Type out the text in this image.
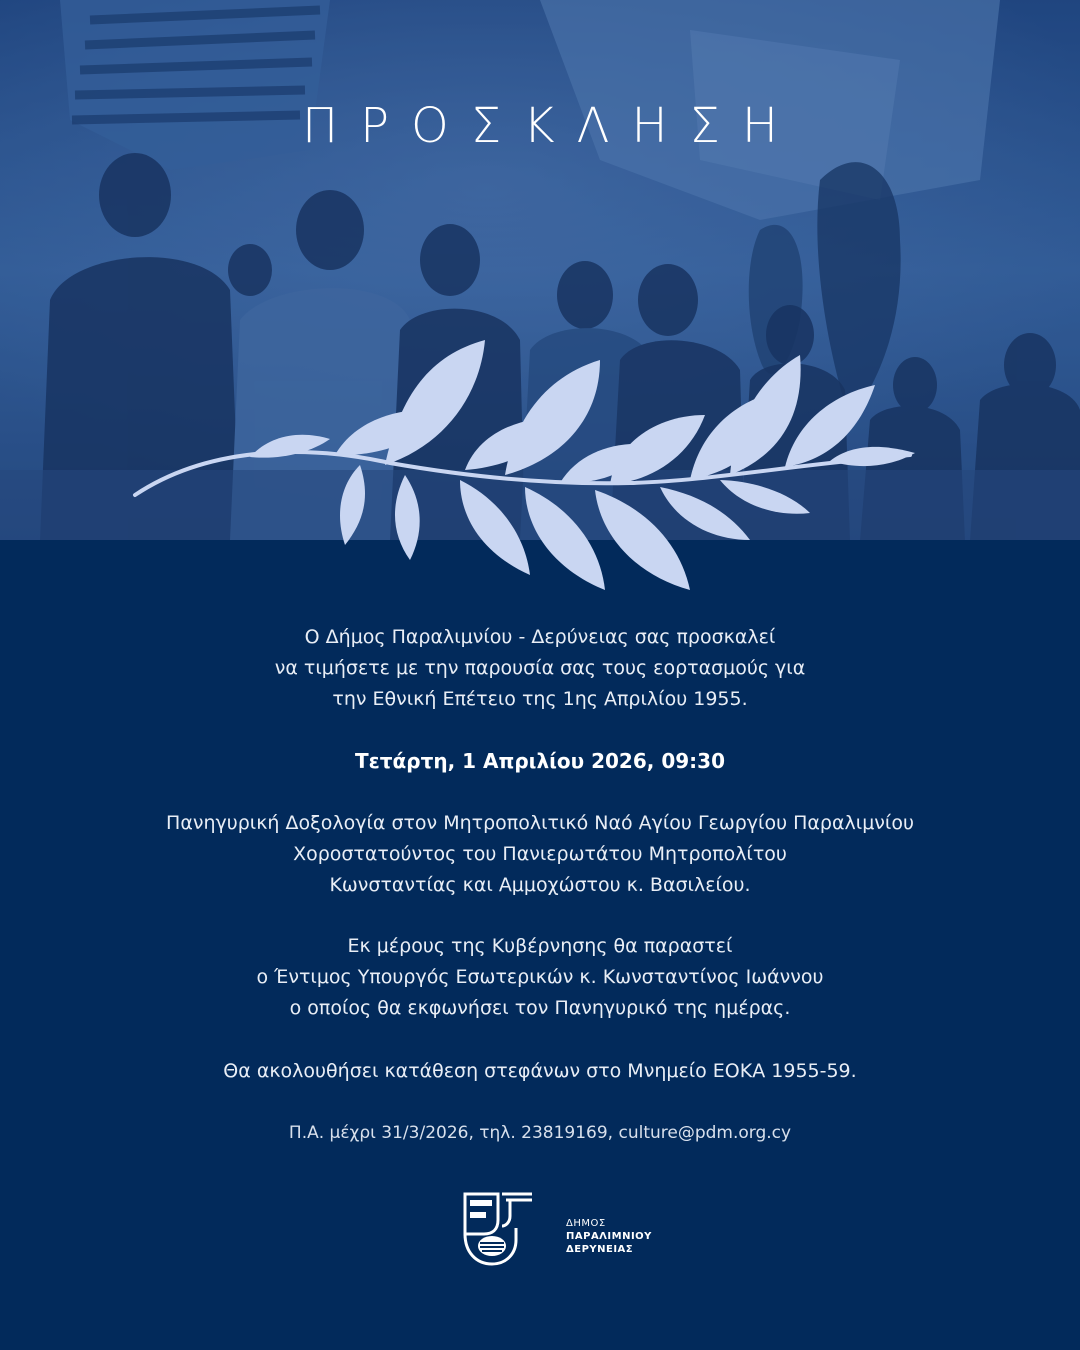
ΠΡΟΣΚΛΗΣΗ
Ο Δήμος Παραλιμνίου - Δερύνειας σας προσκαλεί
να τιμήσετε με την παρουσία σας τους εορτασμούς για
την Εθνική Επέτειο της 1ης Απριλίου 1955.
Τετάρτη, 1 Απριλίου 2026, 09:30
Πανηγυρική Δοξολογία στον Μητροπολιτικό Ναό Αγίου Γεωργίου Παραλιμνίου
Χοροστατούντος του Πανιερωτάτου Μητροπολίτου
Κωνσταντίας και Αμμοχώστου κ. Βασιλείου.
Εκ μέρους της Κυβέρνησης θα παραστεί
ο Έντιμος Υπουργός Εσωτερικών κ. Κωνσταντίνος Ιωάννου
ο οποίος θα εκφωνήσει τον Πανηγυρικό της ημέρας.
Θα ακολουθήσει κατάθεση στεφάνων στο Μνημείο ΕΟΚΑ 1955-59.
Π.Α. μέχρι 31/3/2026, τηλ. 23819169, culture@pdm.org.cy
ΔΗΜΟΣ
ΠΑΡΑΛΙΜΝΙΟΥ
ΔΕΡΥΝΕΙΑΣ
